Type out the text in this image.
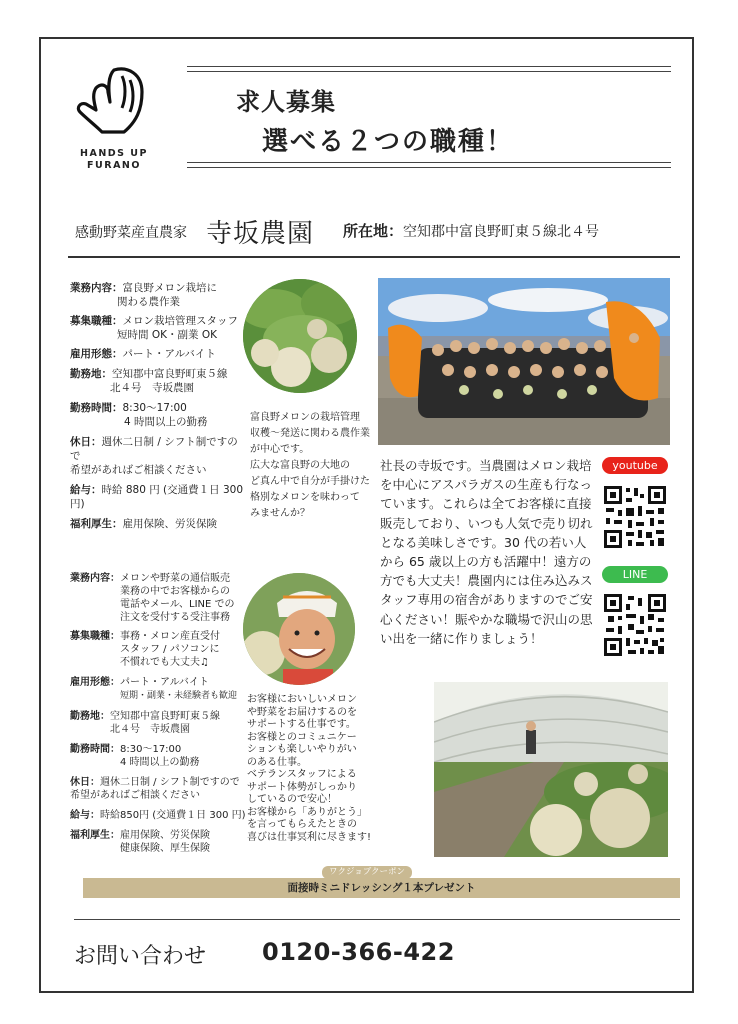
HANDS UP
FURANO
求人募集
選べる２つの職種！
感動野菜産直農家 寺坂農園 所在地：空知郡中富良野町東５線北４号
業務内容：富良野メロン栽培に
関わる農作業
募集職種：メロン栽培管理スタッフ
短時間 OK・副業 OK
雇用形態：パート・アルバイト
勤務地：空知郡中富良野町東５線
北４号　寺坂農園
勤務時間：8:30〜17:00
4 時間以上の勤務
休日：週休二日制 / シフト制ですので
希望があればご相談ください
給与：時給 880 円 (交通費１日 300 円)
福利厚生：雇用保険、労災保険
富良野メロンの栽培管理
収穫〜発送に関わる農作業
が中心です。
広大な富良野の大地の
ど真ん中で自分が手掛けた
格別なメロンを味わって
みませんか？
社長の寺坂です。当農園はメロン栽培を中心にアスパラガスの生産も行なっています。これらは全てお客様に直接販売しており、いつも人気で売り切れとなる美味しさです。30 代の若い人から 65 歳以上の方も活躍中！遠方の方でも大丈夫！農園内には住み込みスタッフ専用の宿舎がありますのでご安心ください！賑やかな職場で沢山の思い出を一緒に作りましょう！
youtube
LINE
業務内容：メロンや野菜の通信販売
業務の中でお客様からの
電話やメール、LINE での
注文を受付する受注事務
募集職種：事務・メロン産直受付
スタッフ / パソコンに
不慣れでも大丈夫♫
雇用形態：パート・アルバイト
短期・副業・未経験者も歓迎
勤務地：空知郡中富良野町東５線
北４号　寺坂農園
勤務時間：8:30〜17:00
4 時間以上の勤務
休日：週休二日制 / シフト制ですので
希望があればご相談ください
給与：時給850円 (交通費１日 300 円)
福利厚生：雇用保険、労災保険
健康保険、厚生保険
お客様においしいメロン
や野菜をお届けするのを
サポートする仕事です。
お客様とのコミュニケー
ションも楽しいやりがい
のある仕事。
ベテランスタッフによる
サポート体勢がしっかり
しているので安心！
お客様から「ありがとう」
を言ってもらえたときの
喜びは仕事冥利に尽きます!
ワクジョブクーポン
面接時ミニドレッシング１本プレゼント
お問い合わせ 0120-366-422
